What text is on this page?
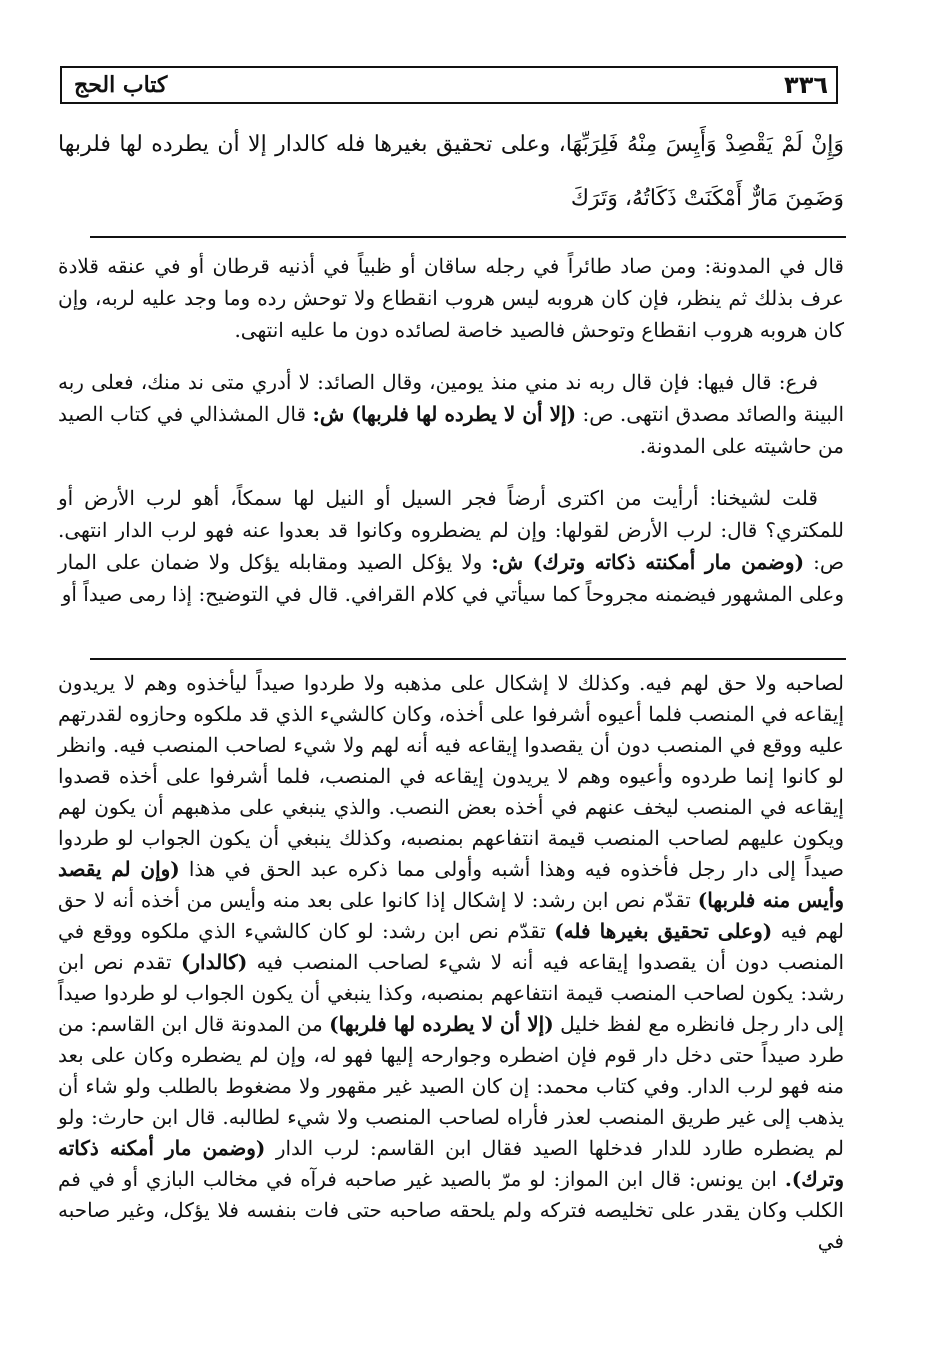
٣٣٦
كتاب الحج
وَإِنْ لَمْ يَقْصِدْ وَأَيِسَ مِنْهُ فَلِرَبِّهَا، وعلى تحقيق بغيرها فله كالدار إلا أن يطرده لها فلربها وَضَمِنَ مَارٌّ أَمْكَنَتْ ذَكَاتُهُ، وَتَرَكَ

قال في المدونة: ومن صاد طائراً في رجله ساقان أو ظبياً في أذنيه قرطان أو في عنقه قلادة عرف بذلك ثم ينظر، فإن كان هروبه ليس هروب انقطاع ولا توحش رده وما وجد عليه لربه، وإن كان هروبه هروب انقطاع وتوحش فالصيد خاصة لصائده دون ما عليه انتهى.

فرع: قال فيها: فإن قال ربه ند مني منذ يومين، وقال الصائد: لا أدري متى ند منك، فعلى ربه البينة والصائد مصدق انتهى. ص: (إلا أن لا يطرده لها فلربها) ش: قال المشذالي في كتاب الصيد من حاشيته على المدونة.

قلت لشيخنا: أرأيت من اكترى أرضاً فجر السيل أو النيل لها سمكاً، أهو لرب الأرض أو للمكتري؟ قال: لرب الأرض لقولها: وإن لم يضطروه وكانوا قد بعدوا عنه فهو لرب الدار انتهى. ص: (وضمن مار أمكنته ذكاته وترك) ش: ولا يؤكل الصيد ومقابله يؤكل ولا ضمان على المار وعلى المشهور فيضمنه مجروحاً كما سيأتي في كلام القرافي. قال في التوضيح: إذا رمى صيداً أو

لصاحبه ولا حق لهم فيه. وكذلك لا إشكال على مذهبه ولا طردوا صيداً ليأخذوه وهم لا يريدون إيقاعه في المنصب فلما أعيوه أشرفوا على أخذه، وكان كالشيء الذي قد ملكوه وحازوه لقدرتهم عليه ووقع في المنصب دون أن يقصدوا إيقاعه فيه أنه لهم ولا شيء لصاحب المنصب فيه. وانظر لو كانوا إنما طردوه وأعيوه وهم لا يريدون إيقاعه في المنصب، فلما أشرفوا على أخذه قصدوا إيقاعه في المنصب ليخف عنهم في أخذه بعض النصب. والذي ينبغي على مذهبهم أن يكون لهم ويكون عليهم لصاحب المنصب قيمة انتفاعهم بمنصبه، وكذلك ينبغي أن يكون الجواب لو طردوا صيداً إلى دار رجل فأخذوه فيه وهذا أشبه وأولى مما ذكره عبد الحق في هذا (وإن لم يقصد وأيس منه فلربها) تقدّم نص ابن رشد: لا إشكال إذا كانوا على بعد منه وأيس من أخذه أنه لا حق لهم فيه (وعلى تحقيق بغيرها فله) تقدّم نص ابن رشد: لو كان كالشيء الذي ملكوه ووقع في المنصب دون أن يقصدوا إيقاعه فيه أنه لا شيء لصاحب المنصب فيه (كالدار) تقدم نص ابن رشد: يكون لصاحب المنصب قيمة انتفاعهم بمنصبه، وكذا ينبغي أن يكون الجواب لو طردوا صيداً إلى دار رجل فانظره مع لفظ خليل (إلا أن لا يطرده لها فلربها) من المدونة قال ابن القاسم: من طرد صيداً حتى دخل دار قوم فإن اضطره وجوارحه إليها فهو له، وإن لم يضطره وكان على بعد منه فهو لرب الدار. وفي كتاب محمد: إن كان الصيد غير مقهور ولا مضغوط بالطلب ولو شاء أن يذهب إلى غير طريق المنصب لعذر فأراه لصاحب المنصب ولا شيء لطالبه. قال ابن حارث: ولو لم يضطره طارد للدار فدخلها الصيد فقال ابن القاسم: لرب الدار (وضمن مار أمكنه ذكاته وترك). ابن يونس: قال ابن المواز: لو مرّ بالصيد غير صاحبه فرآه في مخالب البازي أو في فم الكلب وكان يقدر على تخليصه فتركه ولم يلحقه صاحبه حتى فات بنفسه فلا يؤكل، وغير صاحبه في
